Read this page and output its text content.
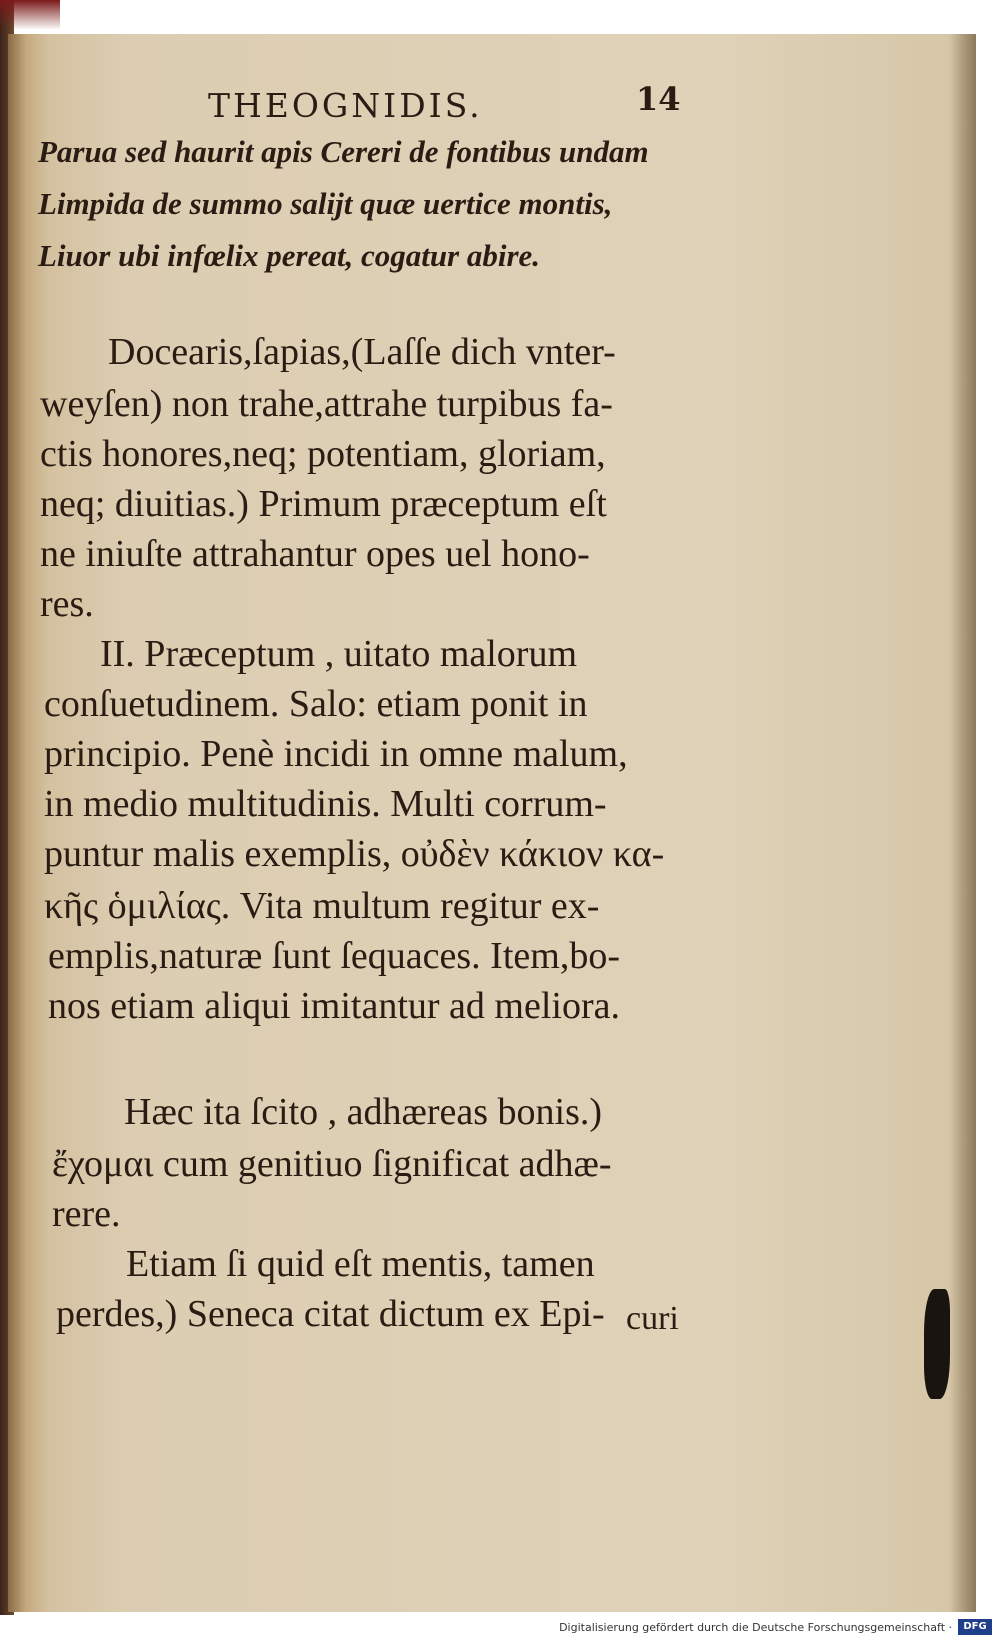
THEOGNIDIS.	14
Parua sed haurit apis Cereri de fontibus undam
Limpida de summo salijt quæ uertice montis,
Liuor ubi infœlix pereat, cogatur abire.
Docearis,ſapias,(Laſſe dich vnter-
weyſen) non trahe,attrahe turpibus fa-
ctis honores,neq; potentiam, gloriam,
neq; diuitias.) Primum præceptum eſt
ne iniuſte attrahantur opes uel hono-
res.
II. Præceptum , uitato malorum
conſuetudinem. Salo: etiam ponit in
principio. Penè incidi in omne malum,
in medio multitudinis. Multi corrum-
puntur malis exemplis, οὐδὲν κάκιον κα-
κῆς ὁμιλίας. Vita multum regitur ex-
emplis,naturæ ſunt ſequaces. Item,bo-
nos etiam aliqui imitantur ad meliora.
Hæc ita ſcito , adhæreas bonis.)
ἔχομαι cum genitiuo ſignificat adhæ-
rere.
Etiam ſi quid eſt mentis, tamen
perdes,) Seneca citat dictum ex Epi- curi
Digitalisierung gefördert durch die Deutsche Forschungsgemeinschaft ·	DFG
